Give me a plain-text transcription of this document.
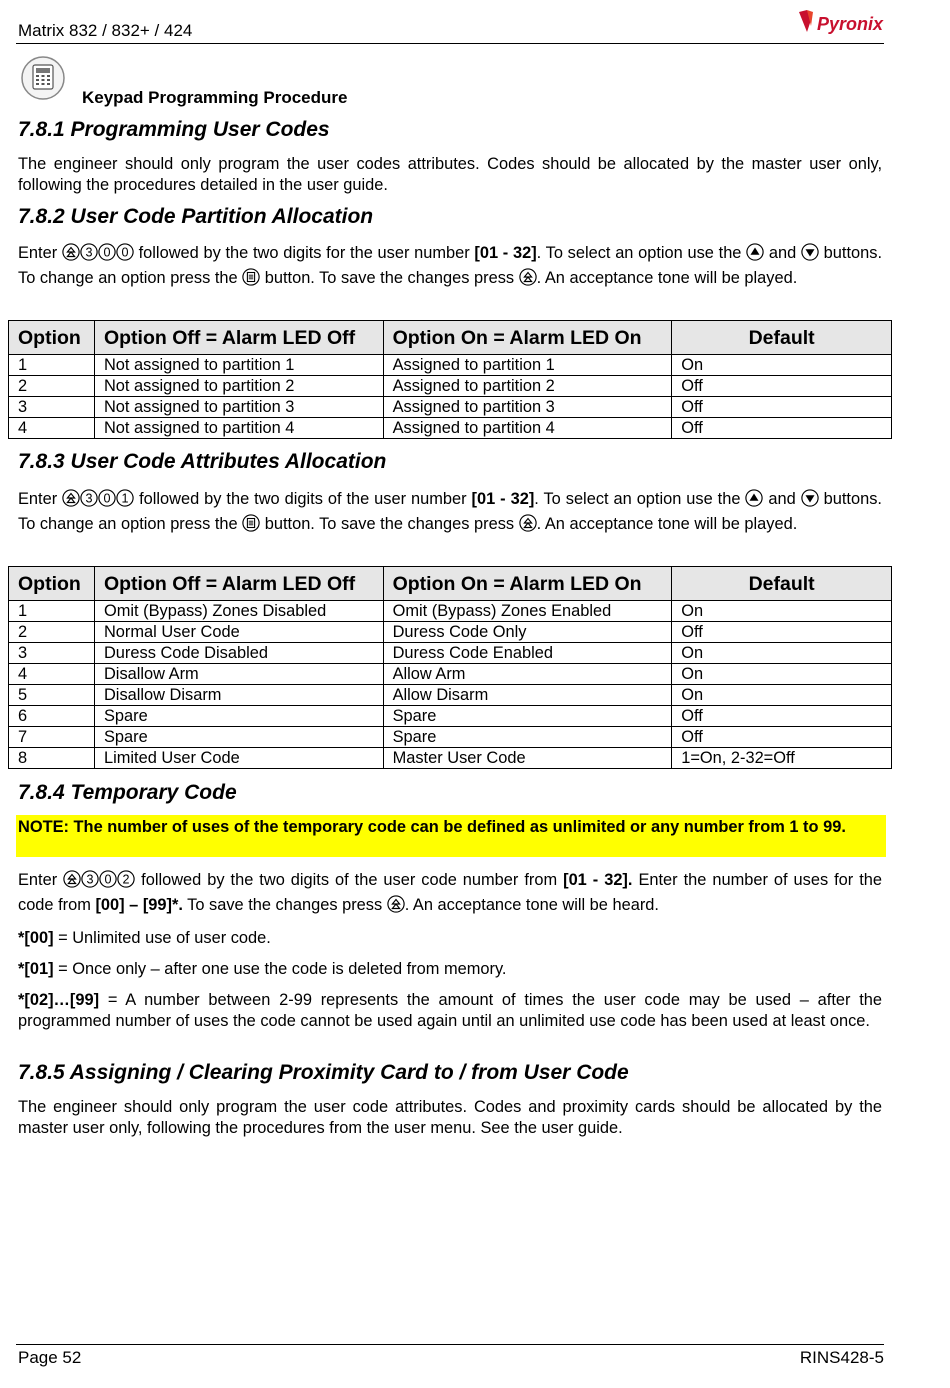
Matrix 832 / 832+ / 424	Pyronix
Keypad Programming Procedure
7.8.1 Programming User Codes

The engineer should only program the user codes attributes. Codes should be allocated by the master user only, following the procedures detailed in the user guide.

7.8.2 User Code Partition Allocation

Enter 3 0 0 followed by the two digits for the user number [01 - 32]. To select an option use the and buttons. To change an option press the button. To save the changes press . An acceptance tone will be played.

Option	Option Off = Alarm LED Off	Option On = Alarm LED On	Default
1	Not assigned to partition 1	Assigned to partition 1	On
2	Not assigned to partition 2	Assigned to partition 2	Off
3	Not assigned to partition 3	Assigned to partition 3	Off
4	Not assigned to partition 4	Assigned to partition 4	Off
7.8.3 User Code Attributes Allocation

Enter 3 0 1 followed by the two digits of the user number [01 - 32]. To select an option use the and buttons. To change an option press the button. To save the changes press . An acceptance tone will be played.

Option	Option Off = Alarm LED Off	Option On = Alarm LED On	Default
1	Omit (Bypass) Zones Disabled	Omit (Bypass) Zones Enabled	On
2	Normal User Code	Duress Code Only	Off
3	Duress Code Disabled	Duress Code Enabled	On
4	Disallow Arm	Allow Arm	On
5	Disallow Disarm	Allow Disarm	On
6	Spare	Spare	Off
7	Spare	Spare	Off
8	Limited User Code	Master User Code	1=On, 2-32=Off
7.8.4 Temporary Code
NOTE: The number of uses of the temporary code can be defined as unlimited or any number from 1 to 99.

Enter 3 0 2 followed by the two digits of the user code number from [01 - 32]. Enter the number of uses for the code from [00] – [99]*. To save the changes press . An acceptance tone will be heard.

*[00] = Unlimited use of user code.

*[01] = Once only – after one use the code is deleted from memory.

*[02]…[99] = A number between 2-99 represents the amount of times the user code may be used – after the programmed number of uses the code cannot be used again until an unlimited use code has been used at least once.

7.8.5 Assigning / Clearing Proximity Card to / from User Code

The engineer should only program the user code attributes. Codes and proximity cards should be allocated by the master user only, following the procedures from the user menu. See the user guide.

Page 52	RINS428-5
